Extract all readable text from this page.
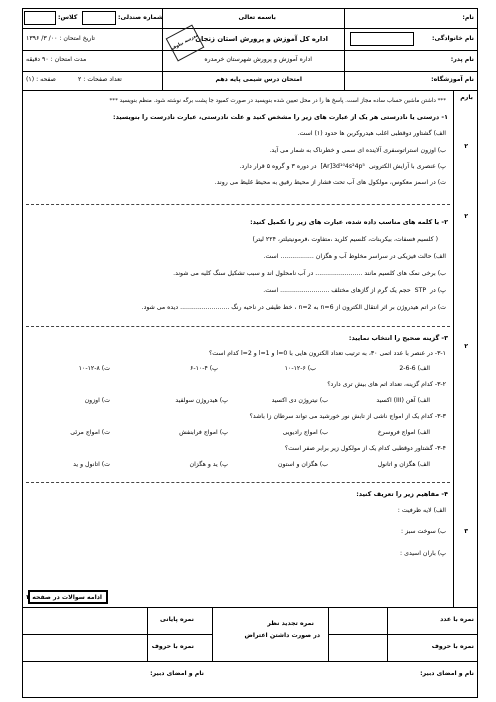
نام:
نام خانوادگی:
نام پدر:
نام آموزشگاه:
باسمه تعالی
اداره کل آموزش و پرورش استان زنجان
اداره آموزش و پرورش شهرستان خرمدره
امتحان درس شیمی پایه دهم
مدرسه نیلوفر
کلاس:	شماره صندلی:
تاریخ امتحان : ۰۰/ ۳/ ۱۳۹۶
مدت امتحان : ۹۰ دقیقه
تعداد صفحات : ۲
صفحه : (۱)
بارم
*** داشتن ماشین حساب ساده مجاز است. پاسخ ها را در محل تعیین شده بنویسید در صورت کمبود جا پشت برگه نوشته شود. منظم بنویسید ***
۲
۱- درستی یا نادرستی هر یک از عبارت های زیر را مشخص کنید و علت نادرستی، عبارت نادرست را بنویسید:
الف) گشتاور دوقطبی اغلب هیدروکربن ها حدود (۱) است.
ب) اوزون استراتوسفری آلاینده ای سمی و خطرناک به شمار می آید.
پ) عنصری با آرایش الکترونی [Ar]3d¹⁰4s²4p⁵ در دوره ۳ و گروه ۵ قرار دارد.
ت) در اسمز معکوس، مولکول های آب تحت فشار از محیط رقیق به محیط غلیظ می روند.
۲
۲- با کلمه های مناسب داده شده، عبارت های زیر را تکمیل کنید:
( کلسیم فسفات، بیکربنات، کلسیم کلرید ،متفاوت ،فرمونیتیلتر، ۲۲۴ لیتر)
الف) حالت فیزیکی در سراسر مخلوط آب و هگزان ................. است.
ب) برخی نمک های کلسیم مانند ........................ در آب نامحلول اند و سبب تشکیل سنگ کلیه می شوند.
پ) در STP حجم یک گرم از گازهای مختلف ......................... است.
ت) در اتم هیدروژن بر اثر انتقال الکترون از n=6 به n=2 ، خط طیفی در ناحیه رنگ ......................... دیده می شود.
۲
۳- گزینه صحیح را انتخاب نمایید:
۳-۱- در عنصر با عدد اتمی ۳۰، به ترتیب تعداد الکترون هایی با l=0 و l=1 و l=2 کدام است؟
الف) 6-6-2
ب) ۶-۱۲-۱۰
پ) ۴-۱۰-۶
ت) ۸-۱۲-۱۰
۳-۲- کدام گزینه، تعداد اتم های بیش تری دارد؟
الف) آهن (III) اکسید
ب) نیتروژن دی اکسید
پ) هیدروژن سولفید
ت) اوزون
۳-۳- کدام یک از امواج ناشی از تابش نور خورشید می تواند سرطان زا باشد؟
الف) امواج فروسرخ
ب) امواج رادیویی
پ) امواج فرابنفش
ت) امواج مرئی
۳-۴- گشتاور دوقطبی کدام یک از مولکول زیر برابر صفر است؟
الف) هگزان و اتانول
ب) هگزان و استون
پ) ید و هگزان
ت) اتانول و ید
۳
۴- مفاهیم زیر را تعریف کنید:
الف) لایه ظرفیت :
ب) سوخت سبز :
پ) باران اسیدی :
ادامه سوالات در صفحه ۲
نمره با عدد
نمره با حروف
نمره تجدید نظر
در صورت داشتن اعتراض
نمره پایانی
نمره با حروف
نام و امضای دبیر:
نام و امضای دبیر:
